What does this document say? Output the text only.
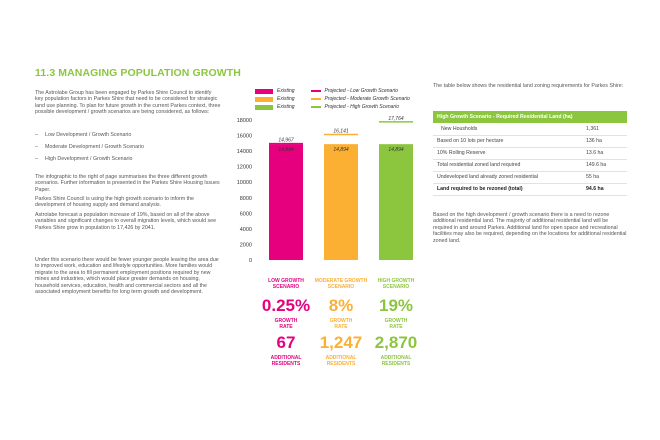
11.3 MANAGING POPULATION GROWTH
The Astrolabe Group has been engaged by Parkes Shire Council to identify key population factors in Parkes Shire that need to be considered for strategic land use planning. To plan for future growth in the current Parkes context, three possible development / growth scenarios are being considered, as follows:
– Low Development / Growth Scenario
– Moderate Development / Growth Scenario
– High Development / Growth Scenario
The infographic to the right of page summarises the three different growth scenarios. Further information is presented in the Parkes Shire Housing Issues Paper.
Parkes Shire Council is using the high growth scenario to inform the development of housing supply and demand analysis.
Astrolabe forecast a population increase of 19%, based on all of the above variables and significant changes to overall migration levels, which would see Parkes Shire grow in population to 17,426 by 2041.
Under this scenario there would be fewer younger people leaving the area due to improved work, education and lifestyle opportunities. More families would migrate to the area to fill permanent employment positions required by new mines and industries, which would place greater demands on housing, household services, education, health and commercial sectors and all the associated employment benefits for long term growth and development.
Existing	Projected - Low Growth Scenario
Existing	Projected - Moderate Growth Scenario
Existing	Projected - High Growth Scenario
0
2000
4000
6000
8000
10000
12000
14000
16000
18000
14,967
14,894
16,141
14,894
17,764
14,894
LOW GROWTH
SCENARIO
0.25%
GROWTH
RATE
67
ADDITIONAL
RESIDENTS
MODERATE GROWTH
SCENARIO
8%
GROWTH
RATE
1,247
ADDITIONAL
RESIDENTS
HIGH GROWTH
SCENARIO
19%
GROWTH
RATE
2,870
ADDITIONAL
RESIDENTS
The table below shows the residential land zoning requirements for Parkes Shire:
High Growth Scenario - Required Residential Land (ha)	
New Housholds	1,361
Based on 10 lots per hectare	136 ha
10% Rolling Reserve	13.6 ha
Total residential zoned land required	149.6 ha
Undeveloped land already zoned residential	55 ha
Land required to be rezoned (total)	94.6 ha
Based on the high development / growth scenario there is a need to rezone additional residential land. The majority of additional residential land will be required in and around Parkes. Additional land for open space and recreational facilities may also be required, depending on the locations for additional residential zoned land.
